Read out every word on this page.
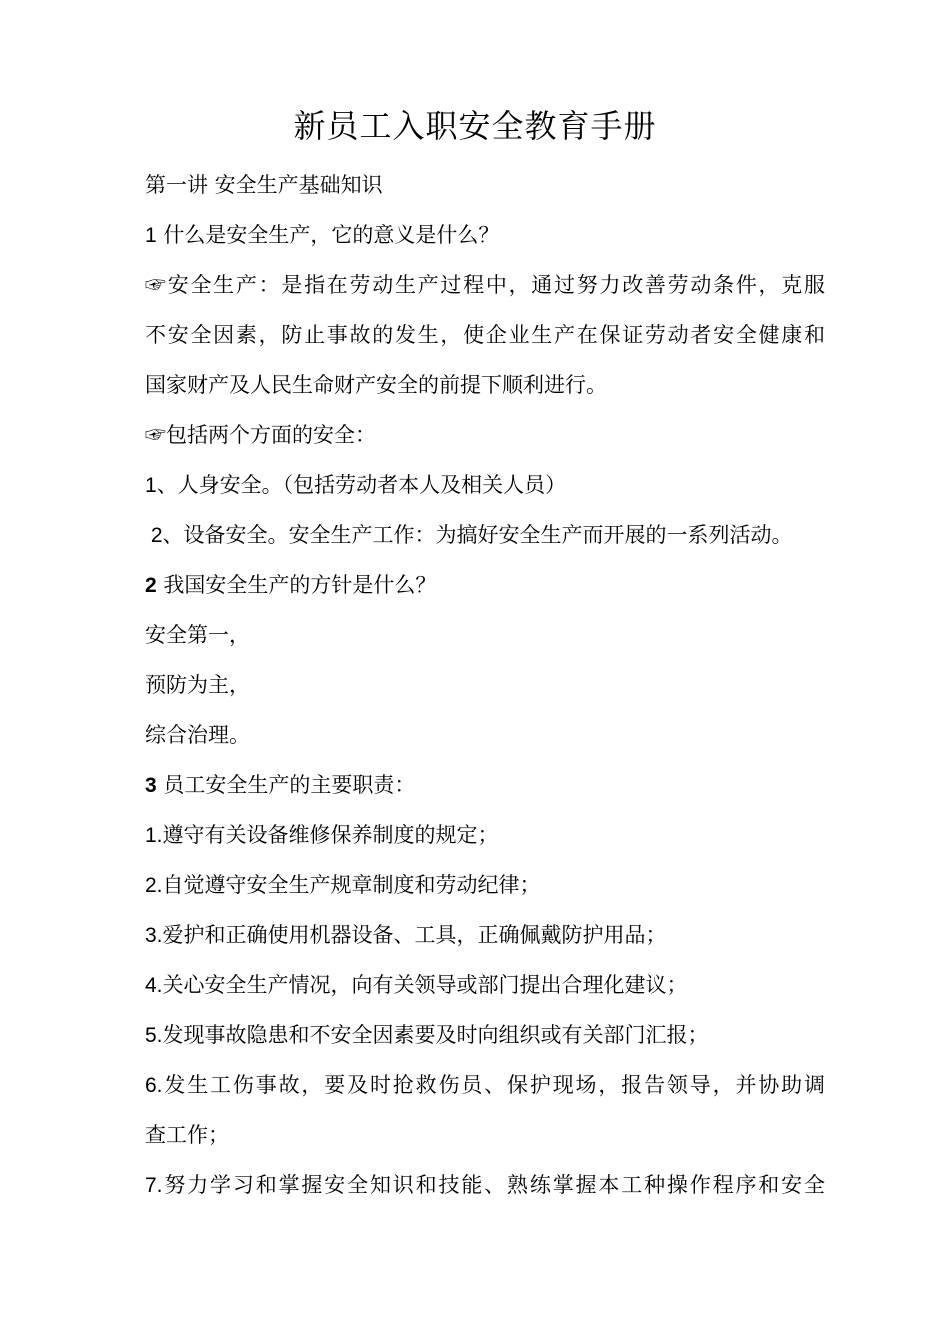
新员工入职安全教育手册
第一讲 安全生产基础知识
1 什么是安全生产，它的意义是什么？
☞安全生产：是指在劳动生产过程中，通过努力改善劳动条件，克服
不安全因素，防止事故的发生，使企业生产在保证劳动者安全健康和
国家财产及人民生命财产安全的前提下顺利进行。
☞包括两个方面的安全：
1、人身安全。（包括劳动者本人及相关人员）
2、设备安全。安全生产工作：为搞好安全生产而开展的一系列活动。
2 我国安全生产的方针是什么？
安全第一，
预防为主，
综合治理。
3 员工安全生产的主要职责：
1.遵守有关设备维修保养制度的规定；
2.自觉遵守安全生产规章制度和劳动纪律；
3.爱护和正确使用机器设备、工具，正确佩戴防护用品；
4.关心安全生产情况，向有关领导或部门提出合理化建议；
5.发现事故隐患和不安全因素要及时向组织或有关部门汇报；
6.发生工伤事故，要及时抢救伤员、保护现场，报告领导，并协助调
查工作；
7.努力学习和掌握安全知识和技能、熟练掌握本工种操作程序和安全
